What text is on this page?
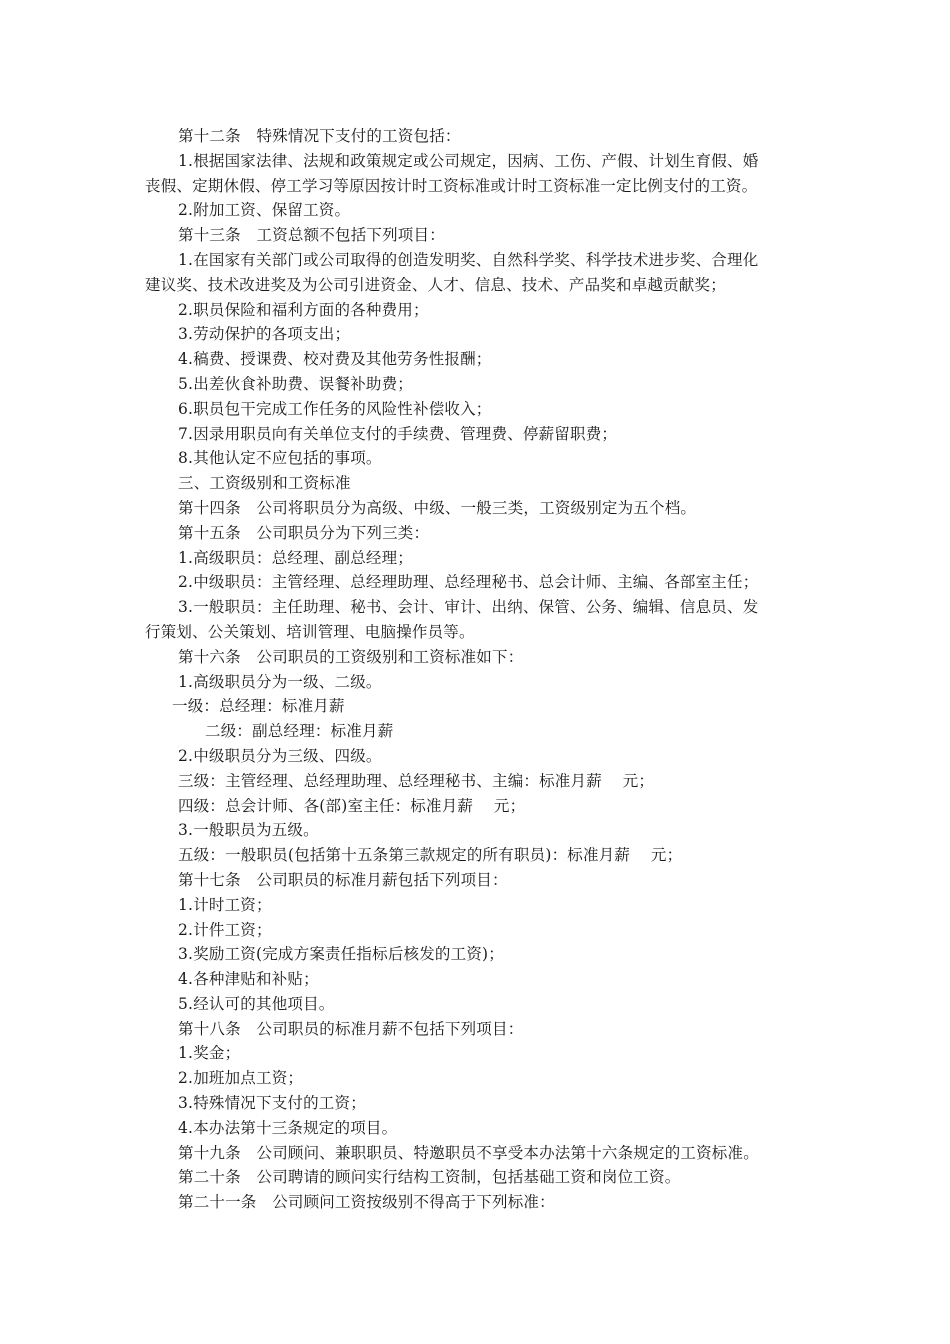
第十二条　特殊情况下支付的工资包括：
1.根据国家法律、法规和政策规定或公司规定，因病、工伤、产假、计划生育假、婚
丧假、定期休假、停工学习等原因按计时工资标准或计时工资标准一定比例支付的工资。
2.附加工资、保留工资。
第十三条　工资总额不包括下列项目：
1.在国家有关部门或公司取得的创造发明奖、自然科学奖、科学技术进步奖、合理化
建议奖、技术改进奖及为公司引进资金、人才、信息、技术、产品奖和卓越贡献奖；
2.职员保险和福利方面的各种费用；
3.劳动保护的各项支出；
4.稿费、授课费、校对费及其他劳务性报酬；
5.出差伙食补助费、误餐补助费；
6.职员包干完成工作任务的风险性补偿收入；
7.因录用职员向有关单位支付的手续费、管理费、停薪留职费；
8.其他认定不应包括的事项。
三、工资级别和工资标准
第十四条　公司将职员分为高级、中级、一般三类，工资级别定为五个档。
第十五条　公司职员分为下列三类：
1.高级职员：总经理、副总经理；
2.中级职员：主管经理、总经理助理、总经理秘书、总会计师、主编、各部室主任；
3.一般职员：主任助理、秘书、会计、审计、出纳、保管、公务、编辑、信息员、发
行策划、公关策划、培训管理、电脑操作员等。
第十六条　公司职员的工资级别和工资标准如下：
1.高级职员分为一级、二级。
一级：总经理：标准月薪
二级：副总经理：标准月薪
2.中级职员分为三级、四级。
三级：主管经理、总经理助理、总经理秘书、主编：标准月薪　 元；
四级：总会计师、各(部)室主任：标准月薪　 元；
3.一般职员为五级。
五级：一般职员(包括第十五条第三款规定的所有职员)：标准月薪　 元；
第十七条　公司职员的标准月薪包括下列项目：
1.计时工资；
2.计件工资；
3.奖励工资(完成方案责任指标后核发的工资)；
4.各种津贴和补贴；
5.经认可的其他项目。
第十八条　公司职员的标准月薪不包括下列项目：
1.奖金；
2.加班加点工资；
3.特殊情况下支付的工资；
4.本办法第十三条规定的项目。
第十九条　公司顾问、兼职职员、特邀职员不享受本办法第十六条规定的工资标准。
第二十条　公司聘请的顾问实行结构工资制，包括基础工资和岗位工资。
第二十一条　公司顾问工资按级别不得高于下列标准：
